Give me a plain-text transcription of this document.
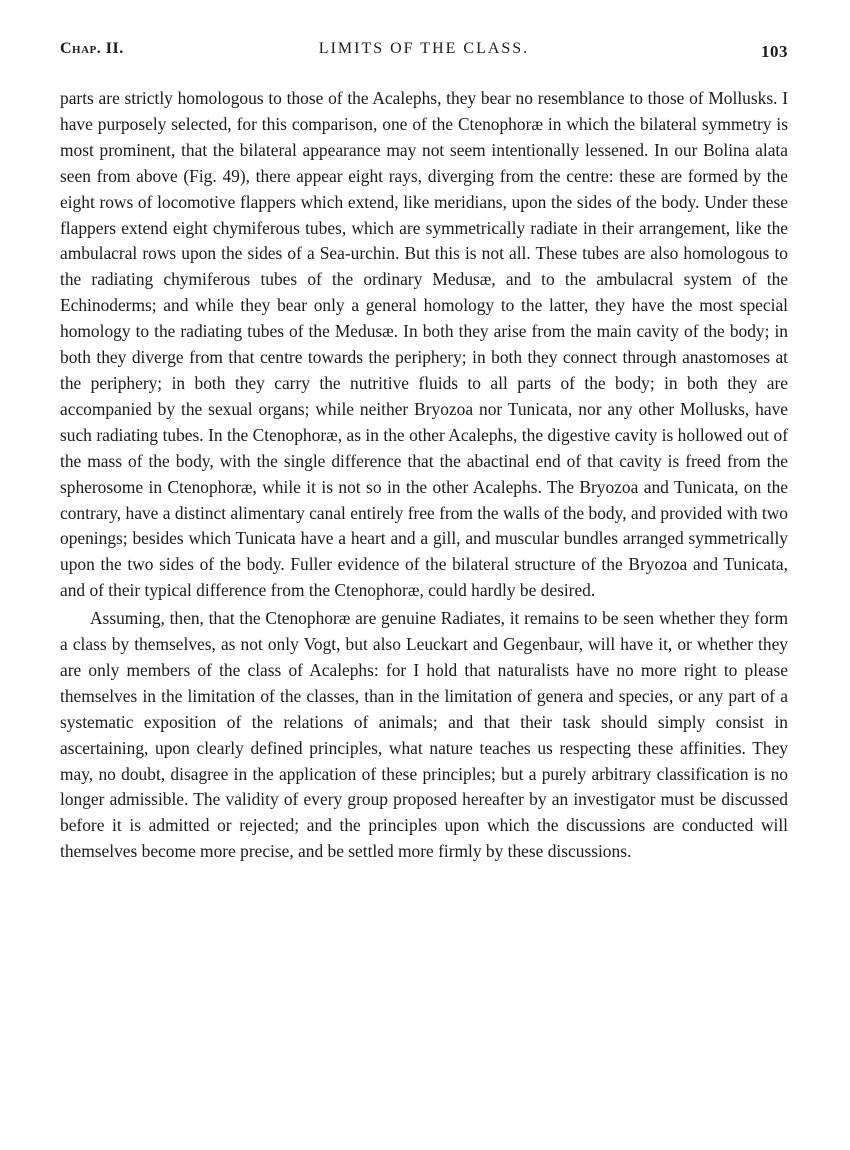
Chap. II.	LIMITS OF THE CLASS.	103

parts are strictly homologous to those of the Acalephs, they bear no resemblance to those of Mollusks. I have purposely selected, for this comparison, one of the Ctenophoræ in which the bilateral symmetry is most prominent, that the bilateral appearance may not seem intentionally lessened. In our Bolina alata seen from above (Fig. 49), there appear eight rays, diverging from the centre: these are formed by the eight rows of locomotive flappers which extend, like meridians, upon the sides of the body. Under these flappers extend eight chymiferous tubes, which are symmetrically radiate in their arrangement, like the ambulacral rows upon the sides of a Sea-urchin. But this is not all. These tubes are also homologous to the radiating chymiferous tubes of the ordinary Medusæ, and to the ambulacral system of the Echinoderms; and while they bear only a general homology to the latter, they have the most special homology to the radiating tubes of the Medusæ. In both they arise from the main cavity of the body; in both they diverge from that centre towards the periphery; in both they connect through anastomoses at the periphery; in both they carry the nutritive fluids to all parts of the body; in both they are accompanied by the sexual organs; while neither Bryozoa nor Tunicata, nor any other Mollusks, have such radiating tubes. In the Ctenophoræ, as in the other Acalephs, the digestive cavity is hollowed out of the mass of the body, with the single difference that the abactinal end of that cavity is freed from the spherosome in Ctenophoræ, while it is not so in the other Acalephs. The Bryozoa and Tunicata, on the contrary, have a distinct alimentary canal entirely free from the walls of the body, and provided with two openings; besides which Tunicata have a heart and a gill, and muscular bundles arranged symmetrically upon the two sides of the body. Fuller evidence of the bilateral structure of the Bryozoa and Tunicata, and of their typical difference from the Ctenophoræ, could hardly be desired.

Assuming, then, that the Ctenophoræ are genuine Radiates, it remains to be seen whether they form a class by themselves, as not only Vogt, but also Leuckart and Gegenbaur, will have it, or whether they are only members of the class of Acalephs: for I hold that naturalists have no more right to please themselves in the limitation of the classes, than in the limitation of genera and species, or any part of a systematic exposition of the relations of animals; and that their task should simply consist in ascertaining, upon clearly defined principles, what nature teaches us respecting these affinities. They may, no doubt, disagree in the application of these principles; but a purely arbitrary classification is no longer admissible. The validity of every group proposed hereafter by an investigator must be discussed before it is admitted or rejected; and the principles upon which the discussions are conducted will themselves become more precise, and be settled more firmly by these discussions.
